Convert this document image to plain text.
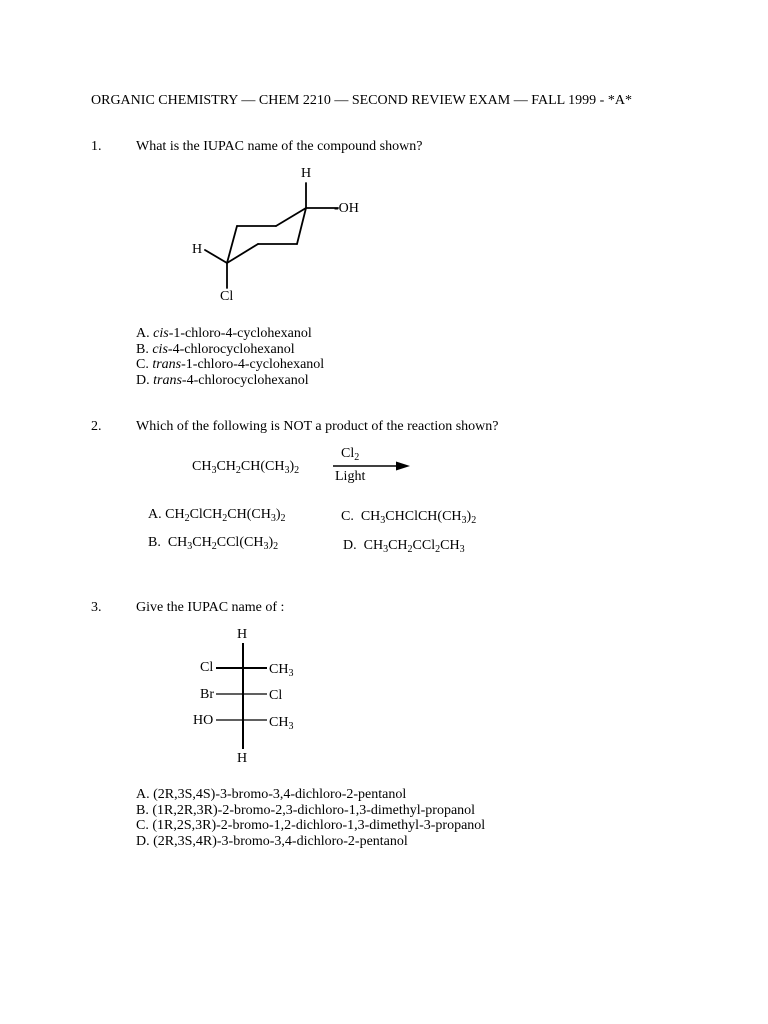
ORGANIC CHEMISTRY — CHEM 2210 — SECOND REVIEW EXAM — FALL 1999 - *A*
1. What is the IUPAC name of the compound shown?
H
-OH
H
Cl
A. cis-1-chloro-4-cyclohexanol
B. cis-4-chlorocyclohexanol
C. trans-1-chloro-4-cyclohexanol
D. trans-4-chlorocyclohexanol
2. Which of the following is NOT a product of the reaction shown?
$CH_3CH_2CH(CH_3)_2$
$Cl_2$
Light
A. $CH_2ClCH_2CH(CH_3)_2$	C. $CH_3CHClCH(CH_3)_2$
B. $CH_3CH_2CCl(CH_3)_2$	D. $CH_3CH_2CCl_2CH_3$
3. Give the IUPAC name of :
H
Cl	$CH_3$
Br	Cl
HO	$CH_3$
H
A. (2R,3S,4S)-3-bromo-3,4-dichloro-2-pentanol
B. (1R,2R,3R)-2-bromo-2,3-dichloro-1,3-dimethyl-propanol
C. (1R,2S,3R)-2-bromo-1,2-dichloro-1,3-dimethyl-3-propanol
D. (2R,3S,4R)-3-bromo-3,4-dichloro-2-pentanol
